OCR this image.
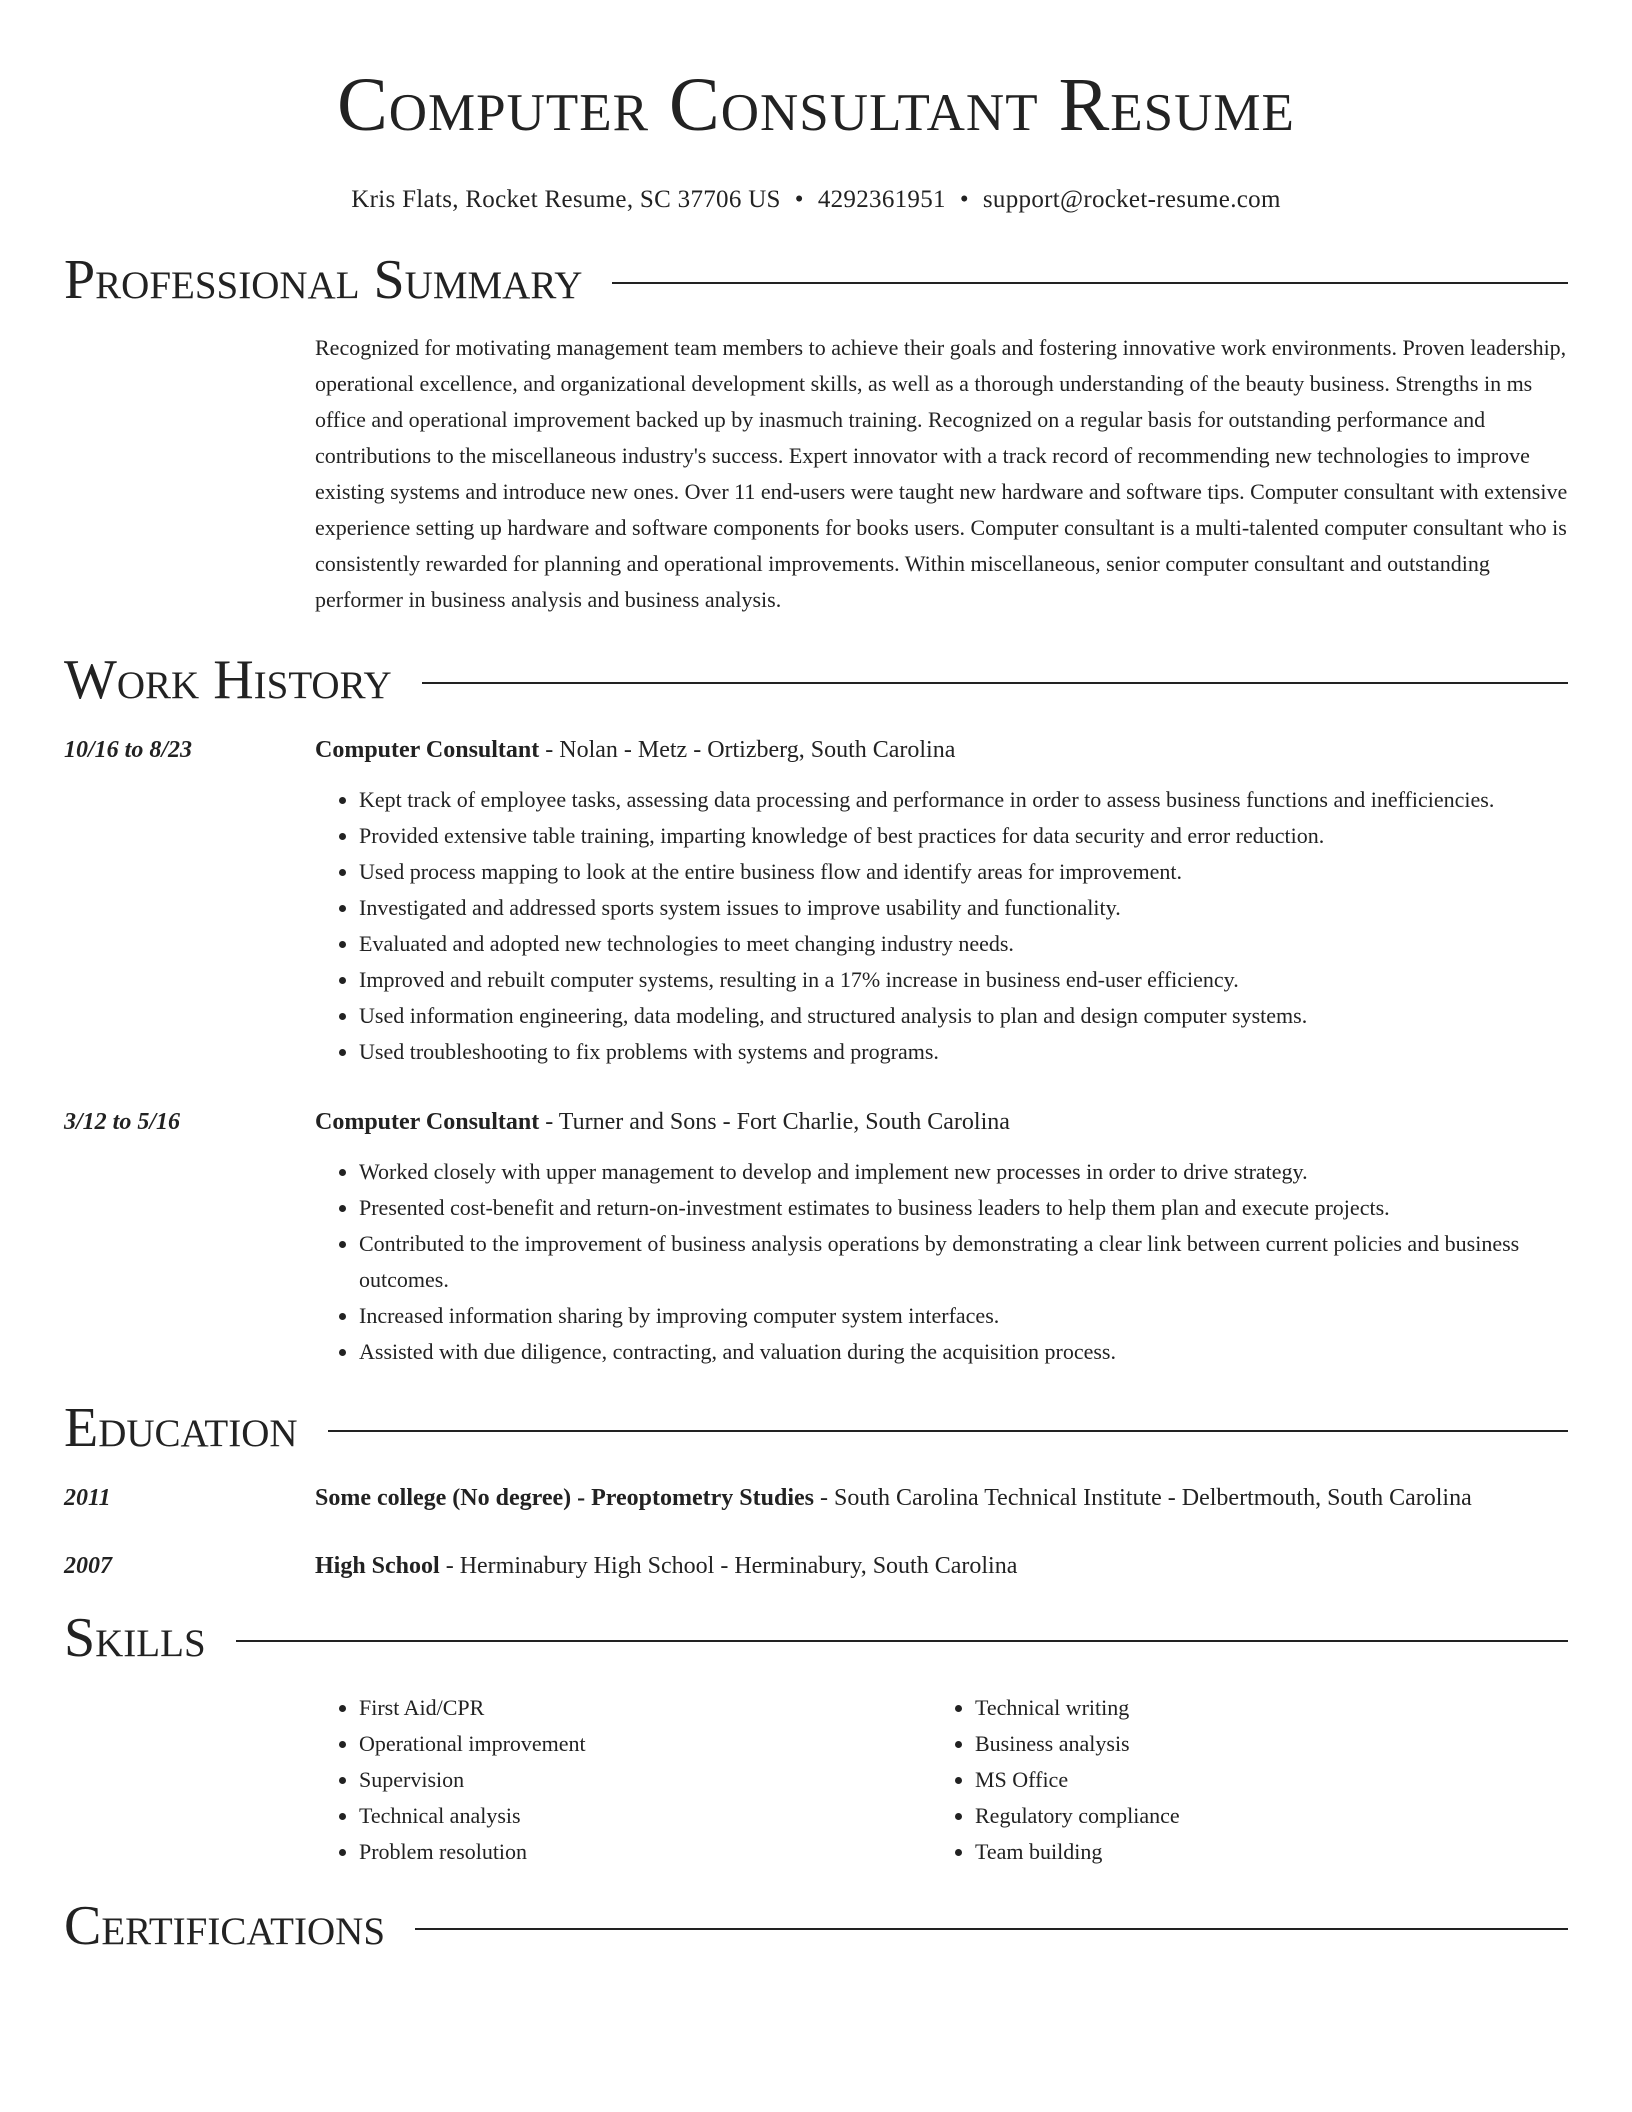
Computer Consultant Resume
Kris Flats, Rocket Resume, SC 37706 US • 4292361951 • support@rocket-resume.com
Professional Summary
Recognized for motivating management team members to achieve their goals and fostering innovative work environments. Proven leadership, operational excellence, and organizational development skills, as well as a thorough understanding of the beauty business. Strengths in ms office and operational improvement backed up by inasmuch training. Recognized on a regular basis for outstanding performance and contributions to the miscellaneous industry's success. Expert innovator with a track record of recommending new technologies to improve existing systems and introduce new ones. Over 11 end-users were taught new hardware and software tips. Computer consultant with extensive experience setting up hardware and software components for books users. Computer consultant is a multi-talented computer consultant who is consistently rewarded for planning and operational improvements. Within miscellaneous, senior computer consultant and outstanding performer in business analysis and business analysis.
Work History
10/16 to 8/23	Computer Consultant - Nolan - Metz - Ortizberg, South Carolina
• Kept track of employee tasks, assessing data processing and performance in order to assess business functions and inefficiencies.
• Provided extensive table training, imparting knowledge of best practices for data security and error reduction.
• Used process mapping to look at the entire business flow and identify areas for improvement.
• Investigated and addressed sports system issues to improve usability and functionality.
• Evaluated and adopted new technologies to meet changing industry needs.
• Improved and rebuilt computer systems, resulting in a 17% increase in business end-user efficiency.
• Used information engineering, data modeling, and structured analysis to plan and design computer systems.
• Used troubleshooting to fix problems with systems and programs.
3/12 to 5/16	Computer Consultant - Turner and Sons - Fort Charlie, South Carolina
• Worked closely with upper management to develop and implement new processes in order to drive strategy.
• Presented cost-benefit and return-on-investment estimates to business leaders to help them plan and execute projects.
• Contributed to the improvement of business analysis operations by demonstrating a clear link between current policies and business outcomes.
• Increased information sharing by improving computer system interfaces.
• Assisted with due diligence, contracting, and valuation during the acquisition process.
Education
2011	Some college (No degree) - Preoptometry Studies - South Carolina Technical Institute - Delbertmouth, South Carolina
2007	High School - Herminabury High School - Herminabury, South Carolina
Skills
• First Aid/CPR
• Operational improvement
• Supervision
• Technical analysis
• Problem resolution
• Technical writing
• Business analysis
• MS Office
• Regulatory compliance
• Team building
Certifications
